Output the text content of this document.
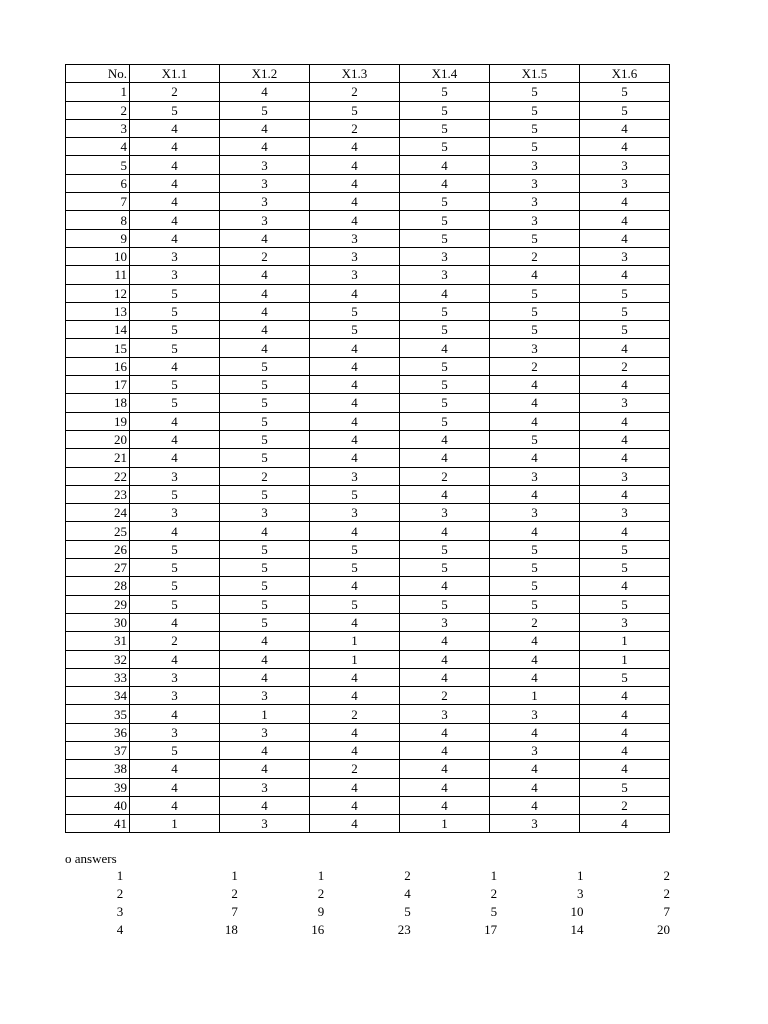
No.	X1.1	X1.2	X1.3	X1.4	X1.5	X1.6
1	2	4	2	5	5	5
2	5	5	5	5	5	5
3	4	4	2	5	5	4
4	4	4	4	5	5	4
5	4	3	4	4	3	3
6	4	3	4	4	3	3
7	4	3	4	5	3	4
8	4	3	4	5	3	4
9	4	4	3	5	5	4
10	3	2	3	3	2	3
11	3	4	3	3	4	4
12	5	4	4	4	5	5
13	5	4	5	5	5	5
14	5	4	5	5	5	5
15	5	4	4	4	3	4
16	4	5	4	5	2	2
17	5	5	4	5	4	4
18	5	5	4	5	4	3
19	4	5	4	5	4	4
20	4	5	4	4	5	4
21	4	5	4	4	4	4
22	3	2	3	2	3	3
23	5	5	5	4	4	4
24	3	3	3	3	3	3
25	4	4	4	4	4	4
26	5	5	5	5	5	5
27	5	5	5	5	5	5
28	5	5	4	4	5	4
29	5	5	5	5	5	5
30	4	5	4	3	2	3
31	2	4	1	4	4	1
32	4	4	1	4	4	1
33	3	4	4	4	4	5
34	3	3	4	2	1	4
35	4	1	2	3	3	4
36	3	3	4	4	4	4
37	5	4	4	4	3	4
38	4	4	2	4	4	4
39	4	3	4	4	4	5
40	4	4	4	4	4	2
41	1	3	4	1	3	4
o answers
1	1	1	2	1	1	2
2	2	2	4	2	3	2
3	7	9	5	5	10	7
4	18	16	23	17	14	20
